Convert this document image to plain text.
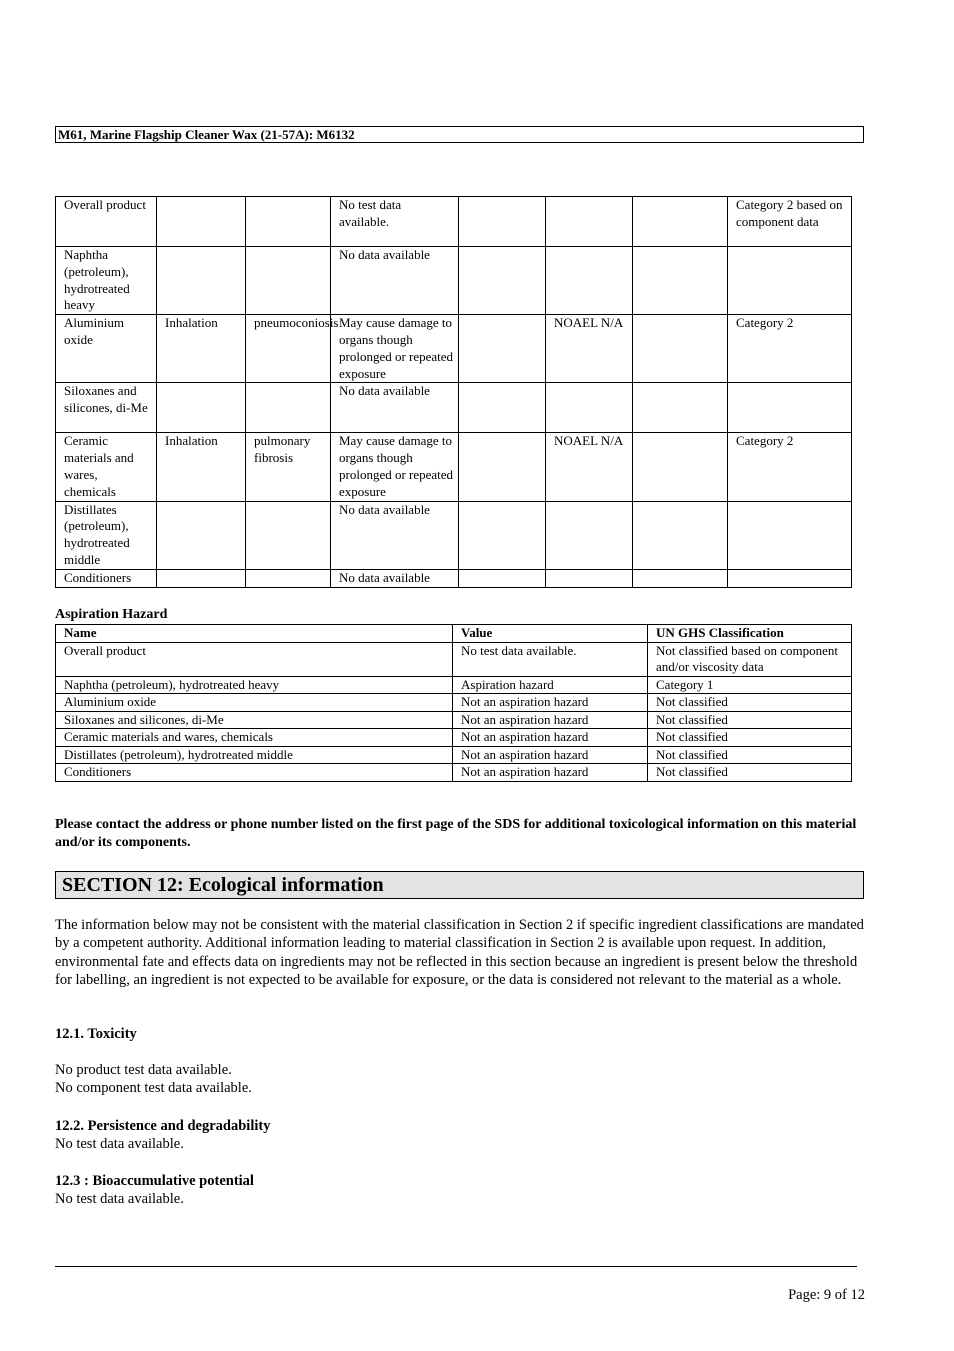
M61, Marine Flagship Cleaner Wax (21-57A): M6132
Overall product			No test data available.				Category 2 based on component data
Naphtha (petroleum), hydrotreated heavy			No data available				
Aluminium oxide	Inhalation	pneumoconiosis	May cause damage to organs though prolonged or repeated exposure		NOAEL N/A		Category 2
Siloxanes and silicones, di-Me			No data available				
Ceramic materials and wares, chemicals	Inhalation	pulmonary fibrosis	May cause damage to organs though prolonged or repeated exposure		NOAEL N/A		Category 2
Distillates (petroleum), hydrotreated middle			No data available				
Conditioners			No data available				
Aspiration Hazard
Name	Value	UN GHS Classification
Overall product	No test data available.	Not classified based on component and/or viscosity data
Naphtha (petroleum), hydrotreated heavy	Aspiration hazard	Category 1
Aluminium oxide	Not an aspiration hazard	Not classified
Siloxanes and silicones, di-Me	Not an aspiration hazard	Not classified
Ceramic materials and wares, chemicals	Not an aspiration hazard	Not classified
Distillates (petroleum), hydrotreated middle	Not an aspiration hazard	Not classified
Conditioners	Not an aspiration hazard	Not classified
Please contact the address or phone number listed on the first page of the SDS for additional toxicological information on this material and/or its components.
SECTION 12: Ecological information
The information below may not be consistent with the material classification in Section 2 if specific ingredient classifications are mandated by a competent authority. Additional information leading to material classification in Section 2 is available upon request. In addition, environmental fate and effects data on ingredients may not be reflected in this section because an ingredient is present below the threshold for labelling, an ingredient is not expected to be available for exposure, or the data is considered not relevant to the material as a whole.
12.1. Toxicity
No product test data available.
No component test data available.
12.2. Persistence and degradability
No test data available.
12.3 : Bioaccumulative potential
No test data available.
Page: 9 of 12
